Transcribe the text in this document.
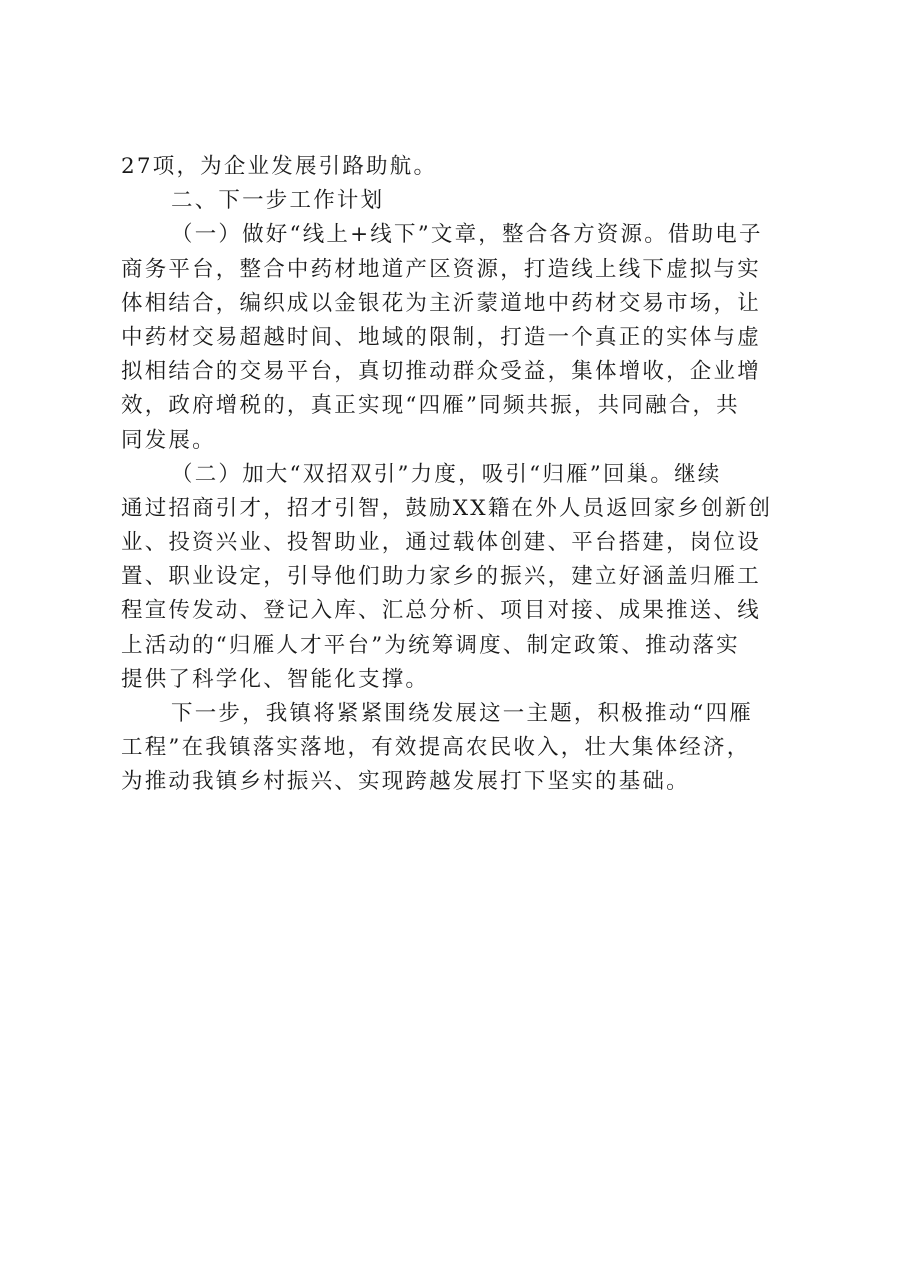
27项，为企业发展引路助航。
二、下一步工作计划
（一）做好“线上+线下”文章，整合各方资源。借助电子
商务平台，整合中药材地道产区资源，打造线上线下虚拟与实
体相结合，编织成以金银花为主沂蒙道地中药材交易市场，让
中药材交易超越时间、地域的限制，打造一个真正的实体与虚
拟相结合的交易平台，真切推动群众受益，集体增收，企业增
效，政府增税的，真正实现“四雁”同频共振，共同融合，共
同发展。
（二）加大“双招双引”力度，吸引“归雁”回巢。继续
通过招商引才，招才引智，鼓励XX籍在外人员返回家乡创新创
业、投资兴业、投智助业，通过载体创建、平台搭建，岗位设
置、职业设定，引导他们助力家乡的振兴，建立好涵盖归雁工
程宣传发动、登记入库、汇总分析、项目对接、成果推送、线
上活动的“归雁人才平台”为统筹调度、制定政策、推动落实
提供了科学化、智能化支撑。
下一步，我镇将紧紧围绕发展这一主题，积极推动“四雁
工程”在我镇落实落地，有效提高农民收入，壮大集体经济，
为推动我镇乡村振兴、实现跨越发展打下坚实的基础。
